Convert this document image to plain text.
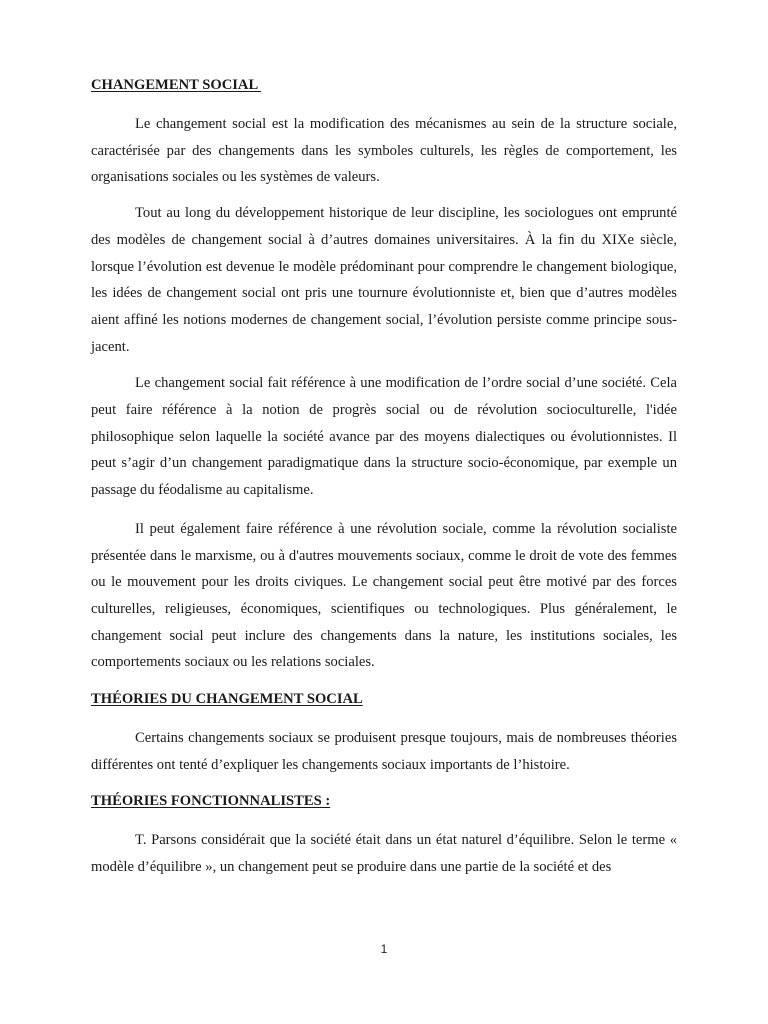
CHANGEMENT SOCIAL

Le changement social est la modification des mécanismes au sein de la structure sociale, caractérisée par des changements dans les symboles culturels, les règles de comportement, les organisations sociales ou les systèmes de valeurs.

Tout au long du développement historique de leur discipline, les sociologues ont emprunté des modèles de changement social à d’autres domaines universitaires. À la fin du XIXe siècle, lorsque l’évolution est devenue le modèle prédominant pour comprendre le changement biologique, les idées de changement social ont pris une tournure évolutionniste et, bien que d’autres modèles aient affiné les notions modernes de changement social, l’évolution persiste comme principe sous-jacent.

Le changement social fait référence à une modification de l’ordre social d’une société. Cela peut faire référence à la notion de progrès social ou de révolution socioculturelle, l'idée philosophique selon laquelle la société avance par des moyens dialectiques ou évolutionnistes. Il peut s’agir d’un changement paradigmatique dans la structure socio-économique, par exemple un passage du féodalisme au capitalisme.

Il peut également faire référence à une révolution sociale, comme la révolution socialiste présentée dans le marxisme, ou à d'autres mouvements sociaux, comme le droit de vote des femmes ou le mouvement pour les droits civiques. Le changement social peut être motivé par des forces culturelles, religieuses, économiques, scientifiques ou technologiques. Plus généralement, le changement social peut inclure des changements dans la nature, les institutions sociales, les comportements sociaux ou les relations sociales.

THÉORIES DU CHANGEMENT SOCIAL

Certains changements sociaux se produisent presque toujours, mais de nombreuses théories différentes ont tenté d’expliquer les changements sociaux importants de l’histoire.

THÉORIES FONCTIONNALISTES :

T. Parsons considérait que la société était dans un état naturel d’équilibre. Selon le terme « modèle d’équilibre », un changement peut se produire dans une partie de la société et des

1
